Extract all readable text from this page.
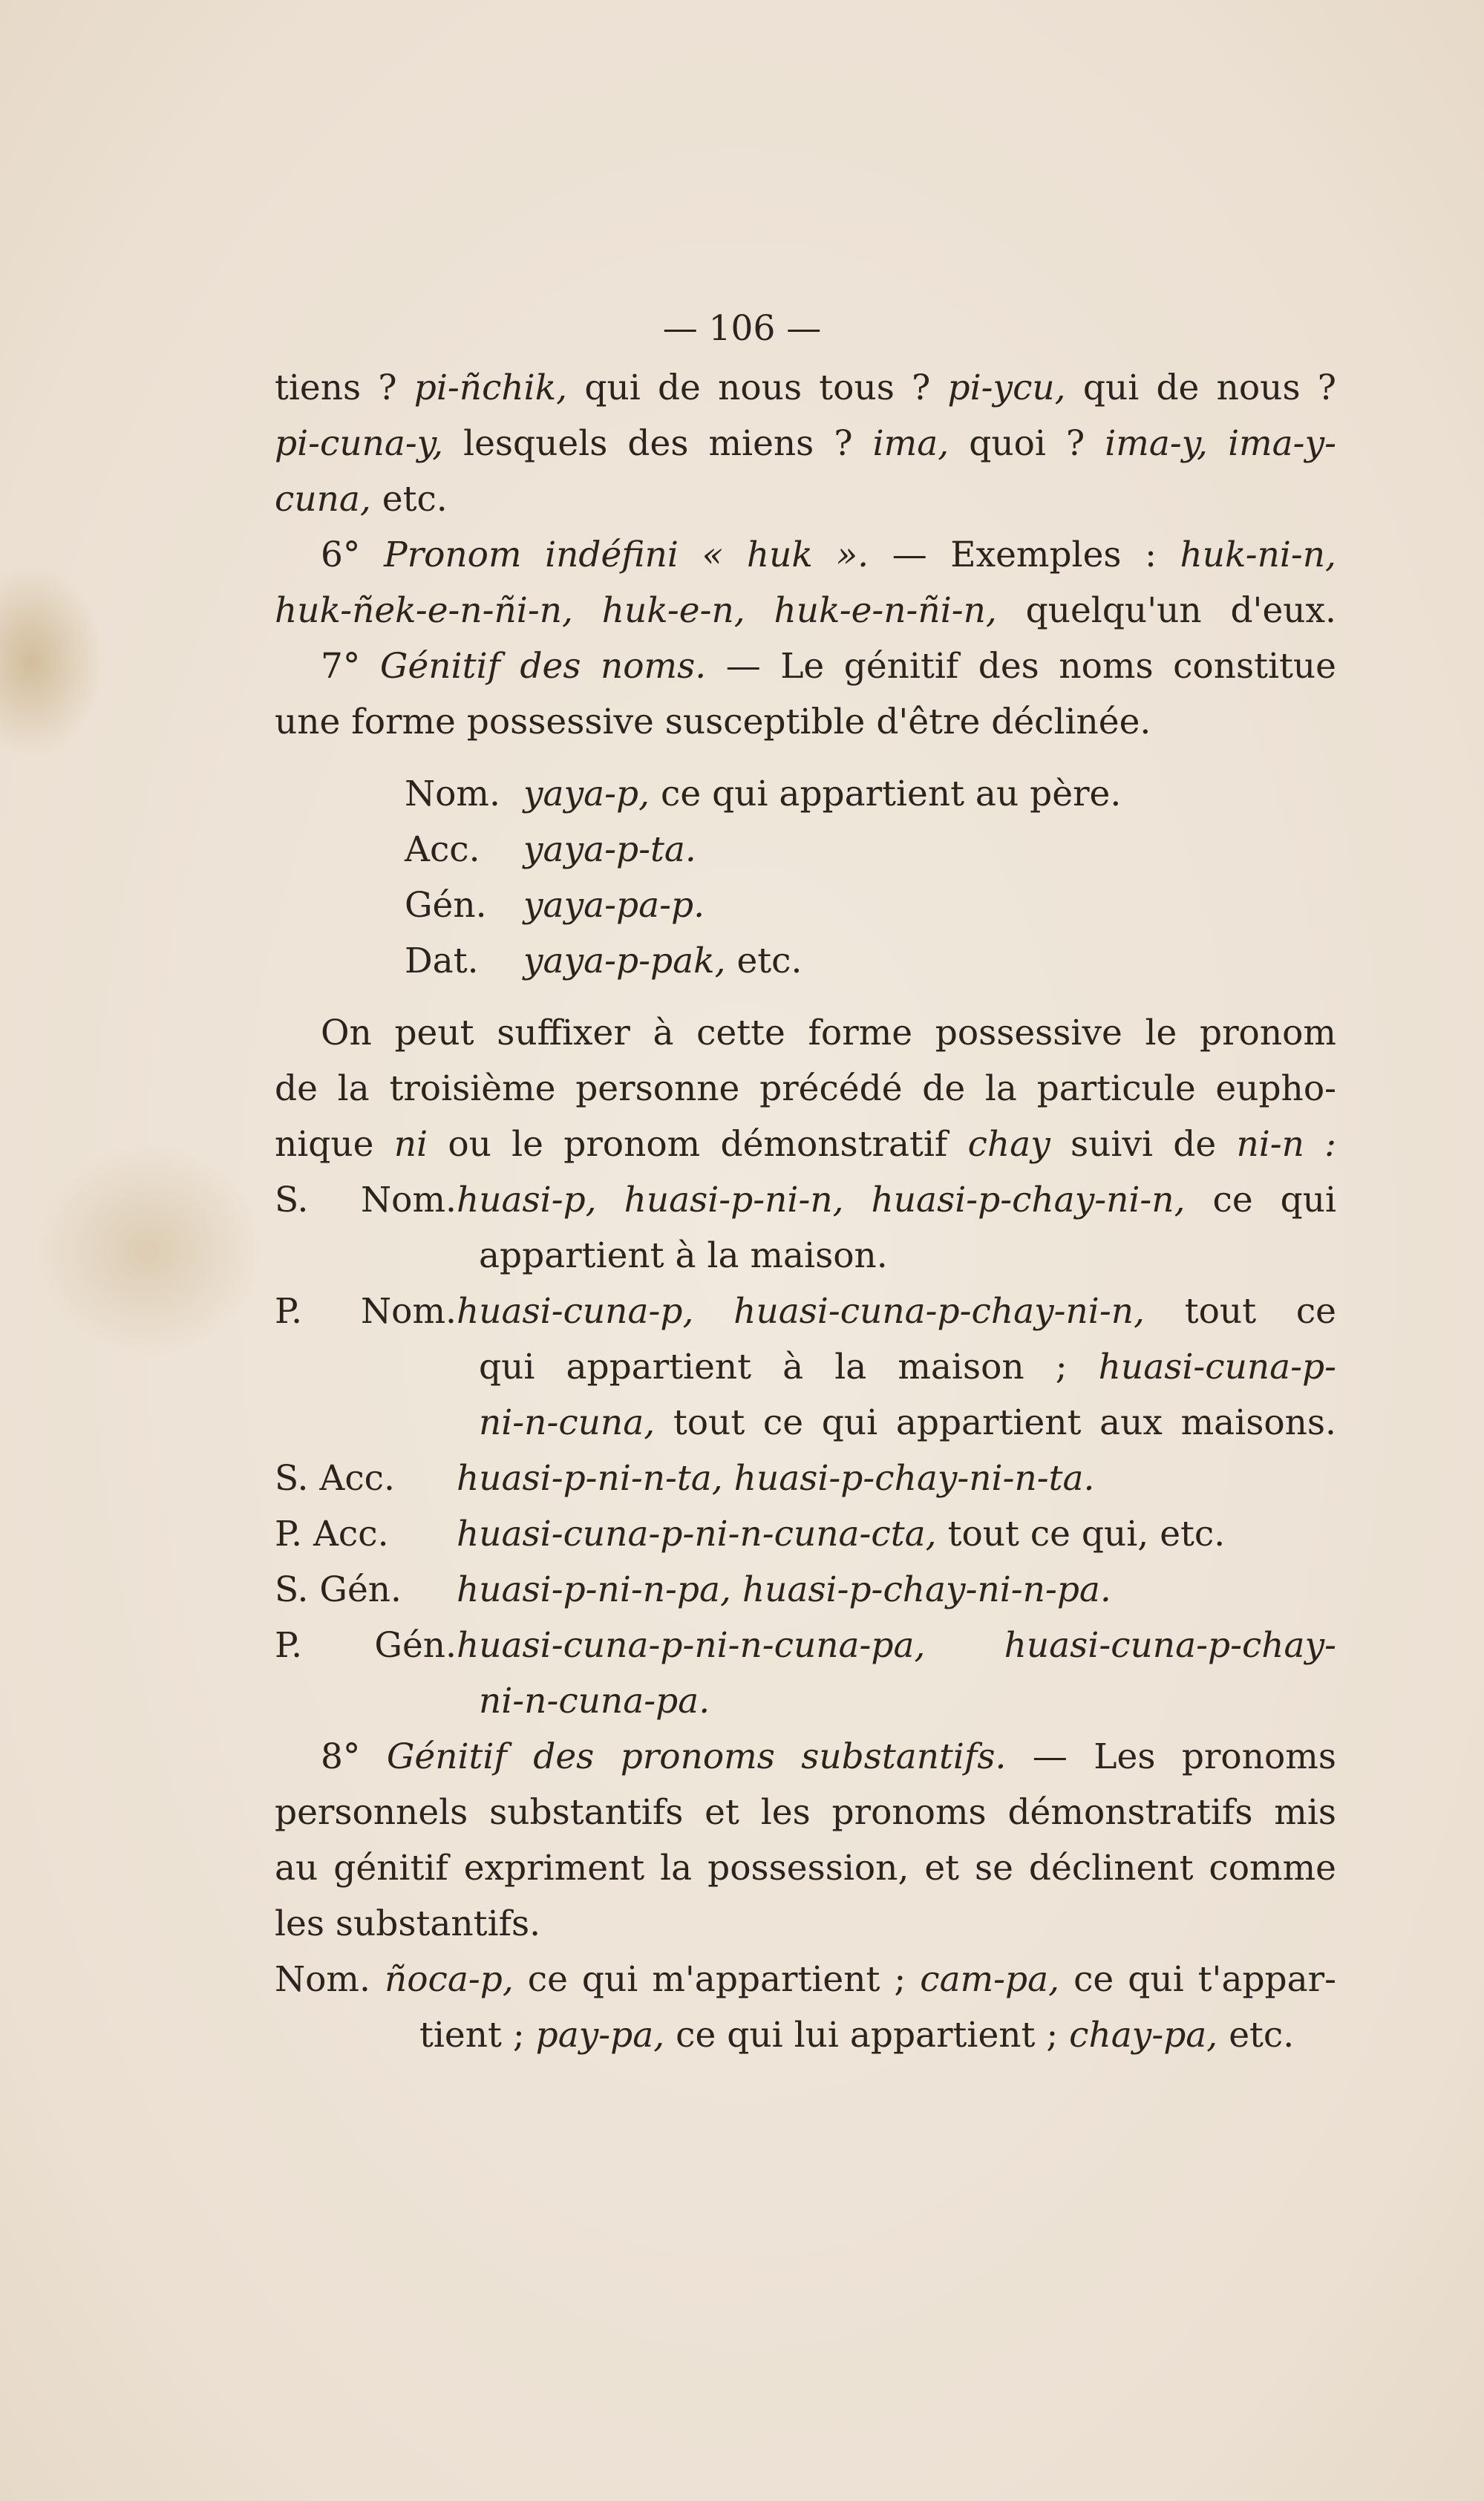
— 106 —
tiens ? pi-ñchik, qui de nous tous ? pi-ycu, qui de nous ?
pi-cuna-y, lesquels des miens ? ima, quoi ? ima-y, ima-y-
cuna, etc.
6° Pronom indéfini « huk ». — Exemples : huk-ni-n,
huk-ñek-e-n-ñi-n, huk-e-n, huk-e-n-ñi-n, quelqu'un d'eux.
7° Génitif des noms. — Le génitif des noms constitue
une forme possessive susceptible d'être déclinée.
Nom. yaya-p, ce qui appartient au père.
Acc. yaya-p-ta.
Gén. yaya-pa-p.
Dat. yaya-p-pak, etc.
On peut suffixer à cette forme possessive le pronom
de la troisième personne précédé de la particule eupho-
nique ni ou le pronom démonstratif chay suivi de ni-n :
S. Nom.huasi-p, huasi-p-ni-n, huasi-p-chay-ni-n, ce qui
appartient à la maison.
P. Nom.huasi-cuna-p, huasi-cuna-p-chay-ni-n, tout ce
qui appartient à la maison ; huasi-cuna-p-
ni-n-cuna, tout ce qui appartient aux maisons.
S. Acc. huasi-p-ni-n-ta, huasi-p-chay-ni-n-ta.
P. Acc. huasi-cuna-p-ni-n-cuna-cta, tout ce qui, etc.
S. Gén. huasi-p-ni-n-pa, huasi-p-chay-ni-n-pa.
P. Gén.huasi-cuna-p-ni-n-cuna-pa, huasi-cuna-p-chay-
ni-n-cuna-pa.
8° Génitif des pronoms substantifs. — Les pronoms
personnels substantifs et les pronoms démonstratifs mis
au génitif expriment la possession, et se déclinent comme
les substantifs.
Nom. ñoca-p, ce qui m'appartient ; cam-pa, ce qui t'appar-
tient ; pay-pa, ce qui lui appartient ; chay-pa, etc.
